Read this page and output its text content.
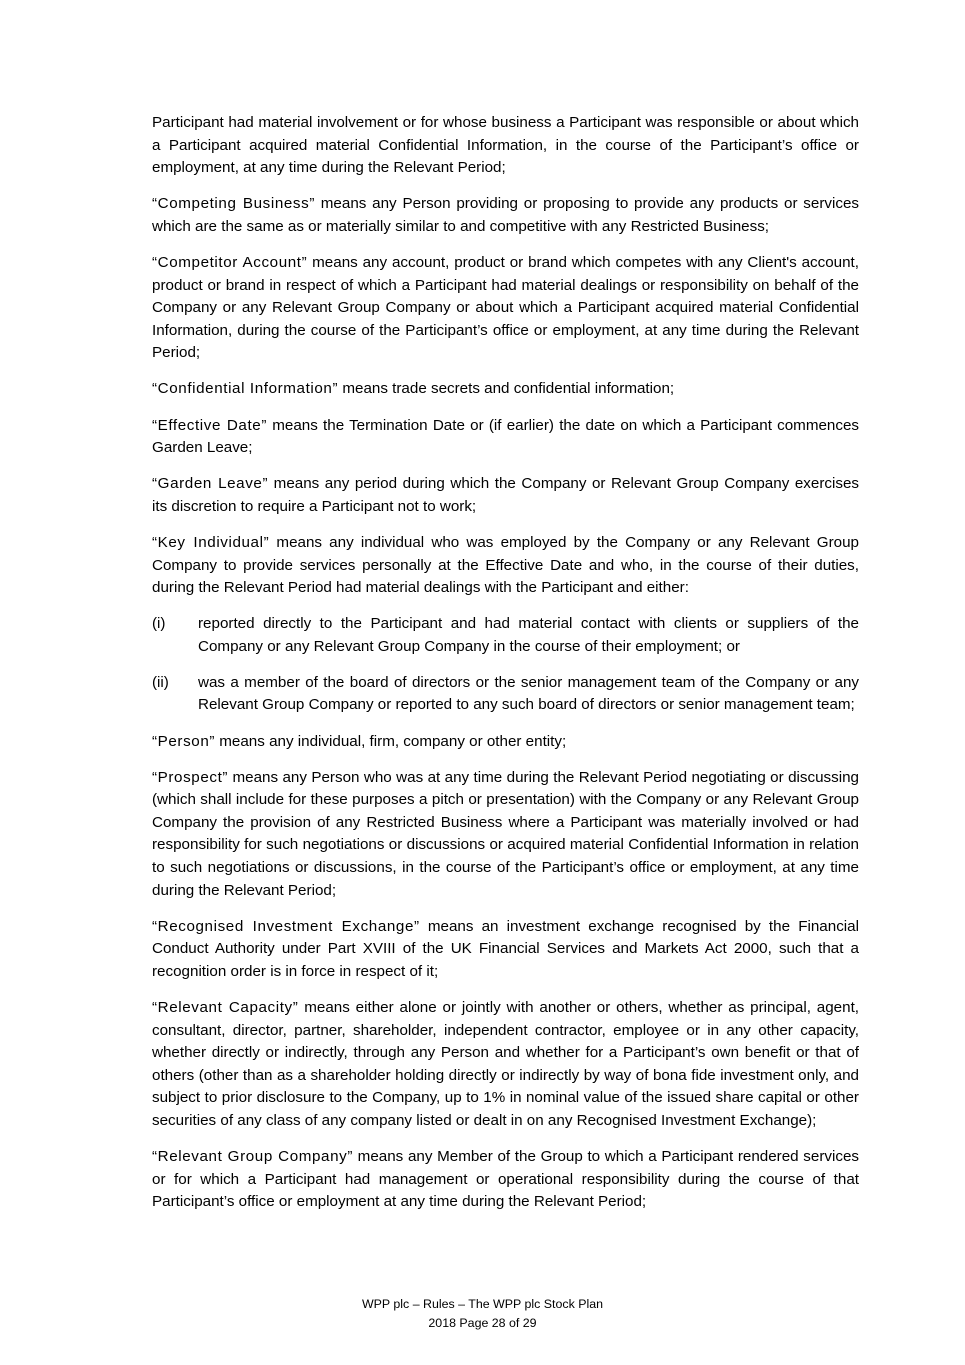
Participant had material involvement or for whose business a Participant was responsible or about which a Participant acquired material Confidential Information, in the course of the Participant’s office or employment, at any time during the Relevant Period;

“Competing Business” means any Person providing or proposing to provide any products or services which are the same as or materially similar to and competitive with any Restricted Business;

“Competitor Account” means any account, product or brand which competes with any Client's account, product or brand in respect of which a Participant had material dealings or responsibility on behalf of the Company or any Relevant Group Company or about which a Participant acquired material Confidential Information, during the course of the Participant’s office or employment, at any time during the Relevant Period;

“Confidential Information” means trade secrets and confidential information;

“Effective Date” means the Termination Date or (if earlier) the date on which a Participant commences Garden Leave;

“Garden Leave” means any period during which the Company or Relevant Group Company exercises its discretion to require a Participant not to work;

“Key Individual” means any individual who was employed by the Company or any Relevant Group Company to provide services personally at the Effective Date and who, in the course of their duties, during the Relevant Period had material dealings with the Participant and either:

(i)	reported directly to the Participant and had material contact with clients or suppliers of the Company or any Relevant Group Company in the course of their employment; or
(ii)	was a member of the board of directors or the senior management team of the Company or any Relevant Group Company or reported to any such board of directors or senior management team;

“Person” means any individual, firm, company or other entity;

“Prospect” means any Person who was at any time during the Relevant Period negotiating or discussing (which shall include for these purposes a pitch or presentation) with the Company or any Relevant Group Company the provision of any Restricted Business where a Participant was materially involved or had responsibility for such negotiations or discussions or acquired material Confidential Information in relation to such negotiations or discussions, in the course of the Participant’s office or employment, at any time during the Relevant Period;

“Recognised Investment Exchange” means an investment exchange recognised by the Financial Conduct Authority under Part XVIII of the UK Financial Services and Markets Act 2000, such that a recognition order is in force in respect of it;

“Relevant Capacity” means either alone or jointly with another or others, whether as principal, agent, consultant, director, partner, shareholder, independent contractor, employee or in any other capacity, whether directly or indirectly, through any Person and whether for a Participant’s own benefit or that of others (other than as a shareholder holding directly or indirectly by way of bona fide investment only, and subject to prior disclosure to the Company, up to 1% in nominal value of the issued share capital or other securities of any class of any company listed or dealt in on any Recognised Investment Exchange);

“Relevant Group Company” means any Member of the Group to which a Participant rendered services or for which a Participant had management or operational responsibility during the course of that Participant’s office or employment at any time during the Relevant Period;

WPP plc – Rules – The WPP plc Stock Plan
2018 Page 28 of 29
